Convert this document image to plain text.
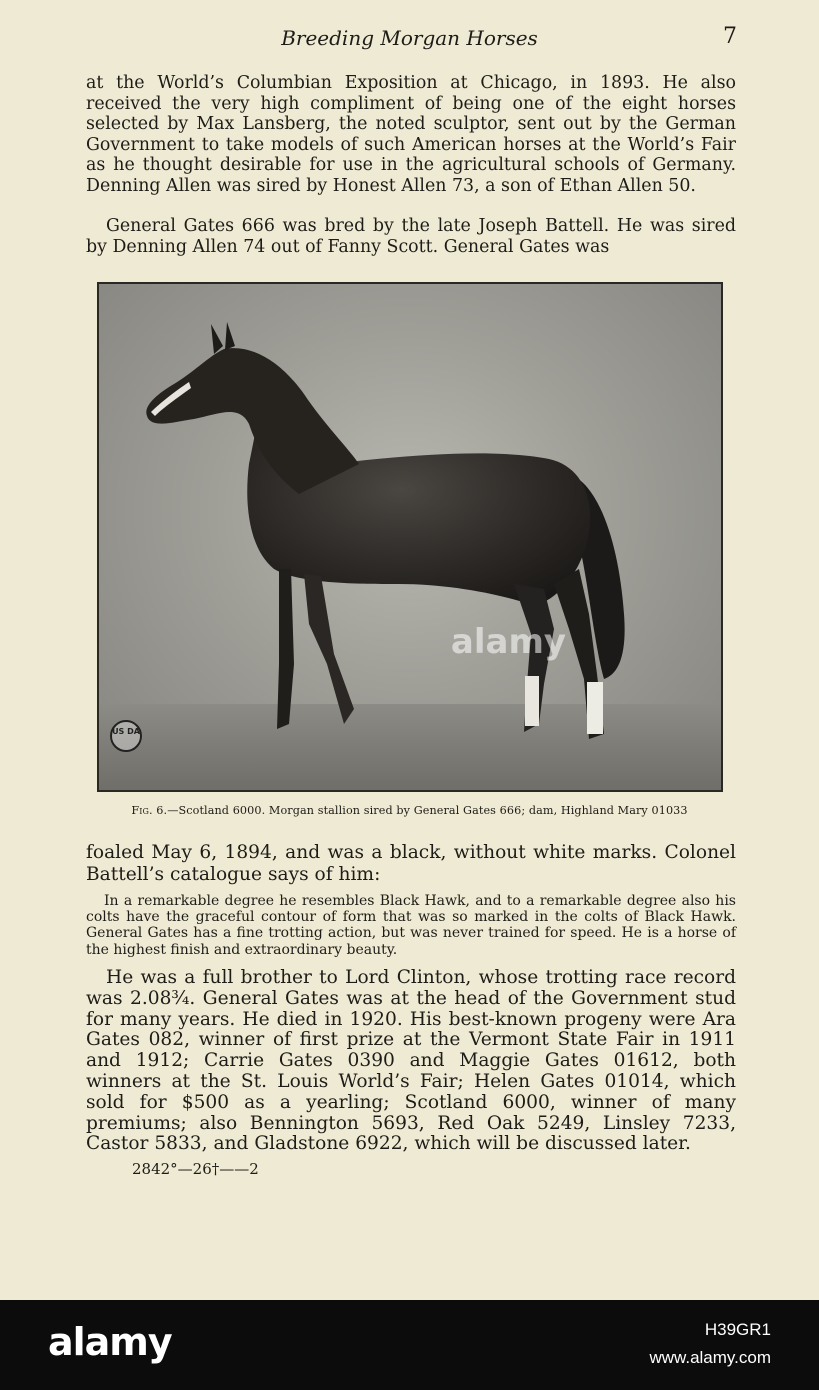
Breeding Morgan Horses	7

at the World’s Columbian Exposition at Chicago, in 1893. He also received the very high compliment of being one of the eight horses selected by Max Lansberg, the noted sculptor, sent out by the German Government to take models of such American horses at the World’s Fair as he thought desirable for use in the agricultural schools of Germany. Denning Allen was sired by Honest Allen 73, a son of Ethan Allen 50.

General Gates 666 was bred by the late Joseph Battell. He was sired by Denning Allen 74 out of Fanny Scott. General Gates was

alamy
US DA
Fig. 6.—Scotland 6000. Morgan stallion sired by General Gates 666; dam, Highland Mary 01033

foaled May 6, 1894, and was a black, without white marks. Colonel Battell’s catalogue says of him:

In a remarkable degree he resembles Black Hawk, and to a remarkable degree also his colts have the graceful contour of form that was so marked in the colts of Black Hawk. General Gates has a fine trotting action, but was never trained for speed. He is a horse of the highest finish and extraordinary beauty.

He was a full brother to Lord Clinton, whose trotting race record was 2.08¾. General Gates was at the head of the Government stud for many years. He died in 1920. His best-known progeny were Ara Gates 082, winner of first prize at the Vermont State Fair in 1911 and 1912; Carrie Gates 0390 and Maggie Gates 01612, both winners at the St. Louis World’s Fair; Helen Gates 01014, which sold for $500 as a yearling; Scotland 6000, winner of many premiums; also Bennington 5693, Red Oak 5249, Linsley 7233, Castor 5833, and Gladstone 6922, which will be discussed later.

2842°—26†——2
alamy	H39GR1
www.alamy.com
